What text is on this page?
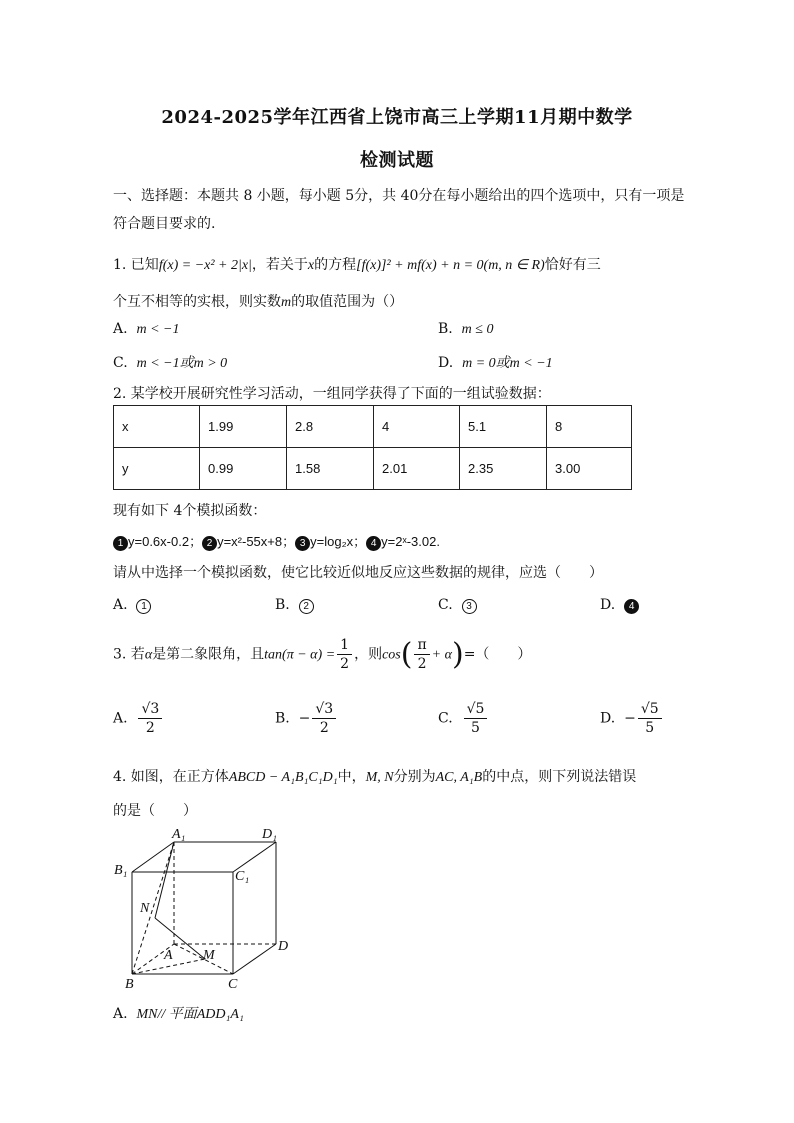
2024-2025学年江西省上饶市高三上学期11月期中数学
检测试题
一、选择题：本题共 8 小题，每小题 5分，共 40分在每小题给出的四个选项中，只有一项是
符合题目要求的.
1. 已知f(x) = −x² + 2|x|，若关于x的方程[f(x)]² + mf(x) + n = 0(m, n ∈ R)恰好有三
个互不相等的实根，则实数m的取值范围为（）
A. m < −1	B. m ≤ 0
C. m < −1或m > 0	D. m = 0或m < −1
2. 某学校开展研究性学习活动，一组同学获得了下面的一组试验数据：
x	1.99	2.8	4	5.1	8
y	0.99	1.58	2.01	2.35	3.00
现有如下 4个模拟函数：
1 y=0.6x-0.2； 2 y=x²-55x+8； 3 y=log₂x； 4 y=2ˣ-3.02.
请从中选择一个模拟函数，使它比较近似地反应这些数据的规律，应选（　　）
A. 1	B. 2	C. 3	D. 4
3. 若α是第二象限角，且$\tan(\pi - \alpha) = \frac{1}{2}$ ，则$\cos( \frac{\pi}{2} + \alpha)=$（　　）
A. $\frac{√3}{2}$	B. − $\frac{√3}{2}$	C. $\frac{√5}{5}$	D. − $\frac{√5}{5}$
4. 如图，在正方体ABCD − A₁B₁C₁D₁中，M, N分别为AC, A₁B的中点，则下列说法错误
的是（　　）
A₁	D₁
B₁	C₁
N
A M
D
B	C
A. MN// 平面ADD₁A₁
